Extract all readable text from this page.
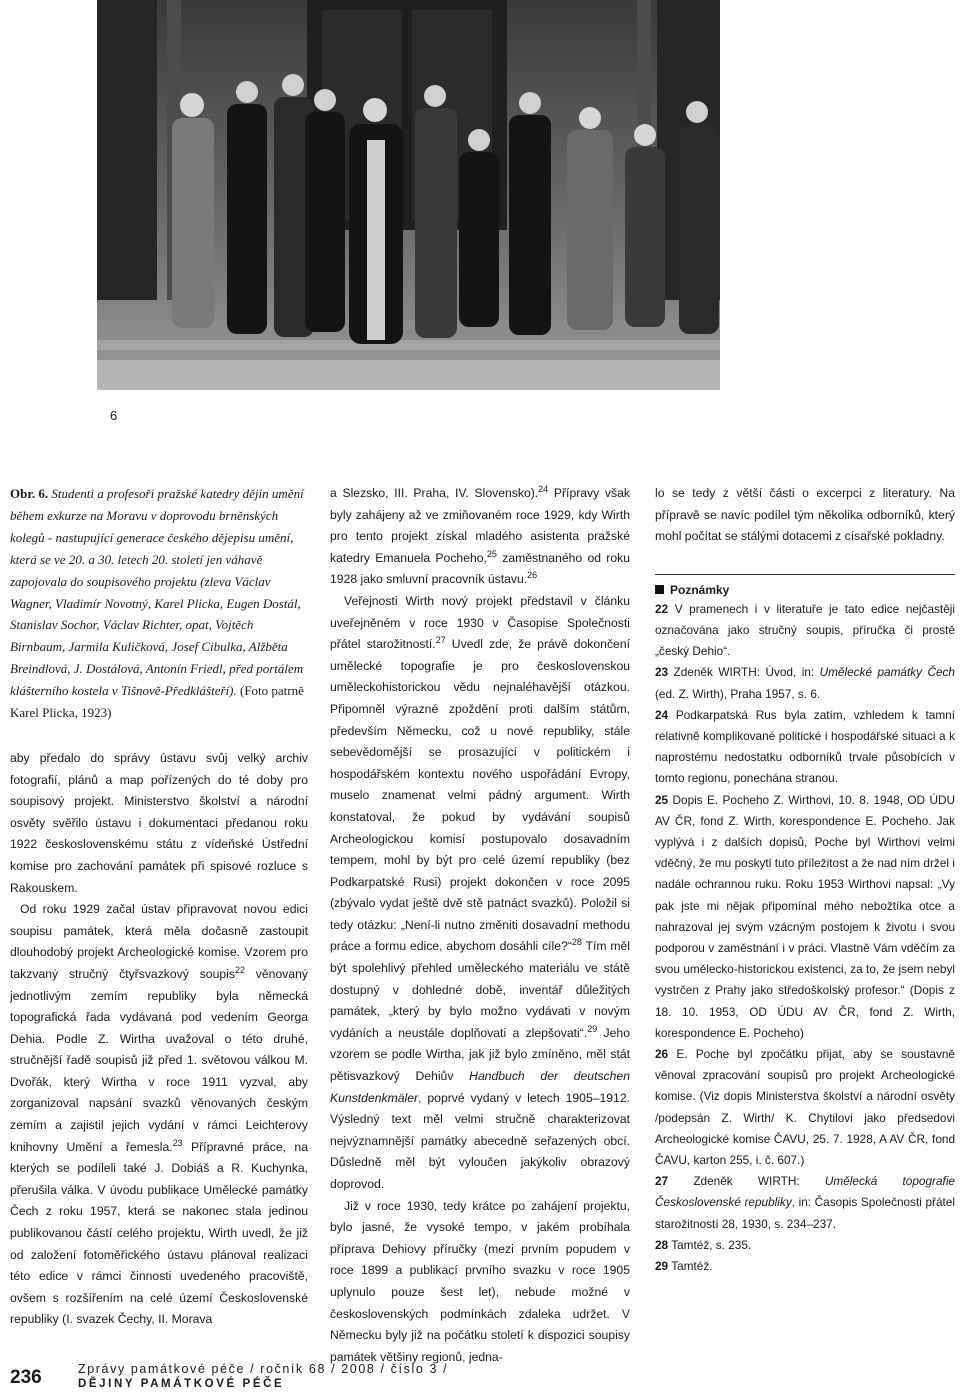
6

Obr. 6. Studenti a profesoři pražské katedry dějin umění během exkurze na Moravu v doprovodu brněnských kolegů - nastupující generace českého dějepisu umění, která se ve 20. a 30. letech 20. století jen váhavě zapojovala do soupisového projektu (zleva Václav Wagner, Vladimír Novotný, Karel Plicka, Eugen Dostál, Stanislav Sochor, Václav Richter, opat, Vojtěch Birnbaum, Jarmila Kuličková, Josef Cibulka, Alžběta Breindlová, J. Dostálová, Antonín Friedl, před portálem klášterního kostela v Tišnově-Předklášteří). (Foto patrně Karel Plicka, 1923)

aby předalo do správy ústavu svůj velký archiv fotografií, plánů a map pořízených do té doby pro soupisový projekt. Ministerstvo školství a národní osvěty svěřilo ústavu i dokumentaci předanou roku 1922 československému státu z vídeňské Ústřední komise pro zachování památek při spisové rozluce s Rakouskem.

Od roku 1929 začal ústav připravovat novou edici soupisu památek, která měla dočasně zastoupit dlouhodobý projekt Archeologické komise. Vzorem pro takzvaný stručný čtyřsvazkový soupis$^{22}$ věnovaný jednotlivým zemím republiky byla německá topografická řada vydávaná pod vedením Georga Dehia. Podle Z. Wirtha uvažoval o této druhé, stručnější řadě soupisů již před 1. světovou válkou M. Dvořák, který Wirtha v roce 1911 vyzval, aby zorganizoval napsání svazků věnovaných českým zemím a zajistil jejich vydání v rámci Leichterovy knihovny Umění a řemesla.$^{23}$ Přípravné práce, na kterých se podíleli také J. Dobiáš a R. Kuchynka, přerušila válka. V úvodu publikace Umělecké památky Čech z roku 1957, která se nakonec stala jedinou publikovanou částí celého projektu, Wirth uvedl, že již od založení fotoměřického ústavu plánoval realizaci této edice v rámci činnosti uvedeného pracoviště, ovšem s rozšířením na celé území Československé republiky (I. svazek Čechy, II. Morava

a Slezsko, III. Praha, IV. Slovensko).$^{24}$ Přípravy však byly zahájeny až ve zmiňovaném roce 1929, kdy Wirth pro tento projekt získal mladého asistenta pražské katedry Emanuela Pocheho,$^{25}$ zaměstnaného od roku 1928 jako smluvní pracovník ústavu.$^{26}$

Veřejnosti Wirth nový projekt představil v článku uveřejněném v roce 1930 v Časopise Společnosti přátel starožitností.$^{27}$ Uvedl zde, že právě dokončení umělecké topografie je pro československou uměleckohistorickou vědu nejnaléhavější otázkou. Připomněl výrazné zpoždění proti dalším státům, především Německu, což u nové republiky, stále sebevědomější se prosazující v politickém i hospodářském kontextu nového uspořádání Evropy, muselo znamenat velmi pádný argument. Wirth konstatoval, že pokud by vydávání soupisů Archeologickou komisí postupovalo dosavadním tempem, mohl by být pro celé území republiky (bez Podkarpatské Rusi) projekt dokončen v roce 2095 (zbývalo vydat ještě dvě stě patnáct svazků). Položil si tedy otázku: „Není-li nutno změniti dosavadní methodu práce a formu edice, abychom dosáhli cíle?“$^{28}$ Tím měl být spolehlivý přehled uměleckého materiálu ve státě dostupný v dohledné době, inventář důležitých památek, „který by bylo možno vydávati v novým vydáních a neustále doplňovati a zlepšovati“.$^{29}$ Jeho vzorem se podle Wirtha, jak již bylo zmíněno, měl stát pětisvazkový Dehiův Handbuch der deutschen Kunstdenkmäler, poprvé vydaný v letech 1905–1912. Výsledný text měl velmi stručně charakterizovat nejvýznamnější památky abecedně seřazených obcí. Důsledně měl být vyloučen jakýkoliv obrazový doprovod.

Již v roce 1930, tedy krátce po zahájení projektu, bylo jasné, že vysoké tempo, v jakém probíhala příprava Dehiovy příručky (mezi prvním popudem v roce 1899 a publikací prvního svazku v roce 1905 uplynulo pouze šest let), nebude možné v československých podmínkách zdaleka udržet. V Německu byly již na počátku století k dispozici soupisy památek většiny regionů, jedna-

lo se tedy z větší části o excerpci z literatury. Na přípravě se navíc podílel tým několika odborníků, který mohl počítat se stálými dotacemi z císařské pokladny.

Poznámky

22 V pramenech i v literatuře je tato edice nejčastěji označována jako stručný soupis, příručka či prostě „český Dehio“.

23 Zdeněk WIRTH: Úvod, in: Umělecké památky Čech (ed. Z. Wirth), Praha 1957, s. 6.

24 Podkarpatská Rus byla zatím, vzhledem k tamní relativně komplikované politické i hospodářské situaci a k naprostému nedostatku odborníků trvale působících v tomto regionu, ponechána stranou.

25 Dopis E. Pocheho Z. Wirthovi, 10. 8. 1948, OD ÚDU AV ČR, fond Z. Wirth, korespondence E. Pocheho. Jak vyplývá i z dalších dopisů, Poche byl Wirthovi velmi vděčný, že mu poskytl tuto příležitost a že nad ním držel i nadále ochrannou ruku. Roku 1953 Wirthovi napsal: „Vy pak jste mi nějak připomínal mého nebožtíka otce a nahrazoval jej svým vzácným postojem k životu i svou podporou v zaměstnání i v práci. Vlastně Vám vděčím za svou uměleckо-historickou existenci, za to, že jsem nebyl vystrčen z Prahy jako středoškolský profesor.“ (Dopis z 18. 10. 1953, OD ÚDU AV ČR, fond Z. Wirth, korespondence E. Pocheho)

26 E. Poche byl zpočátku přijat, aby se soustavně věnoval zpracování soupisů pro projekt Archeologické komise. (Viz dopis Ministerstva školství a národní osvěty /podepsán Z. Wirth/ K. Chytilovi jako předsedovi Archeologické komise ČAVU, 25. 7. 1928, A AV ČR, fond ČAVU, karton 255, i. č. 607.)

27 Zdeněk WIRTH: Umělecká topografie Československé republiky, in: Časopis Společnosti přátel starožitností 28, 1930, s. 234–237.

28 Tamtéž, s. 235.

29 Tamtéž.

236	Zprávy památkové péče / ročník 68 / 2008 / číslo 3 /
DĚJINY PAMÁTKOVÉ PÉČE
